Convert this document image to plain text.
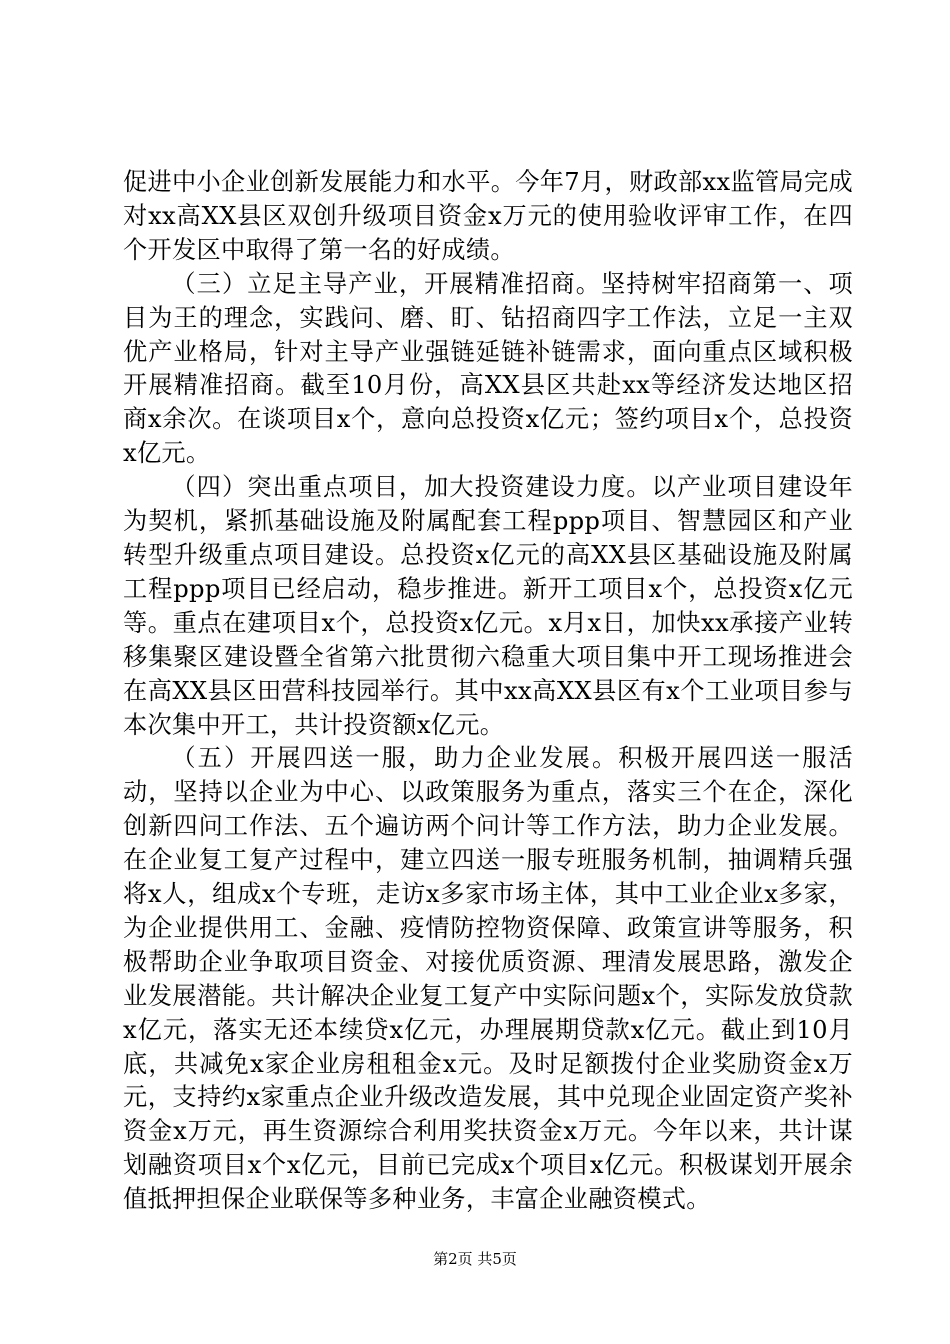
促进中小企业创新发展能力和水平。今年7月，财政部xx监管局完成对xx高XX县区双创升级项目资金x万元的使用验收评审工作，在四个开发区中取得了第一名的好成绩。

（三）立足主导产业，开展精准招商。坚持树牢招商第一、项目为王的理念，实践问、磨、盯、钻招商四字工作法，立足一主双优产业格局，针对主导产业强链延链补链需求，面向重点区域积极开展精准招商。截至10月份，高XX县区共赴xx等经济发达地区招商x余次。在谈项目x个，意向总投资x亿元；签约项目x个，总投资x亿元。

（四）突出重点项目，加大投资建设力度。以产业项目建设年为契机，紧抓基础设施及附属配套工程ppp项目、智慧园区和产业转型升级重点项目建设。总投资x亿元的高XX县区基础设施及附属工程ppp项目已经启动，稳步推进。新开工项目x个，总投资x亿元等。重点在建项目x个，总投资x亿元。x月x日，加快xx承接产业转移集聚区建设暨全省第六批贯彻六稳重大项目集中开工现场推进会在高XX县区田营科技园举行。其中xx高XX县区有x个工业项目参与本次集中开工，共计投资额x亿元。

（五）开展四送一服，助力企业发展。积极开展四送一服活动，坚持以企业为中心、以政策服务为重点，落实三个在企，深化创新四问工作法、五个遍访两个问计等工作方法，助力企业发展。在企业复工复产过程中，建立四送一服专班服务机制，抽调精兵强将x人，组成x个专班，走访x多家市场主体，其中工业企业x多家，为企业提供用工、金融、疫情防控物资保障、政策宣讲等服务，积极帮助企业争取项目资金、对接优质资源、理清发展思路，激发企业发展潜能。共计解决企业复工复产中实际问题x个，实际发放贷款x亿元，落实无还本续贷x亿元，办理展期贷款x亿元。截止到10月底，共减免x家企业房租租金x元。及时足额拨付企业奖励资金x万元，支持约x家重点企业升级改造发展，其中兑现企业固定资产奖补资金x万元，再生资源综合利用奖扶资金x万元。今年以来，共计谋划融资项目x个x亿元，目前已完成x个项目x亿元。积极谋划开展余值抵押担保企业联保等多种业务，丰富企业融资模式。

第2页 共5页
